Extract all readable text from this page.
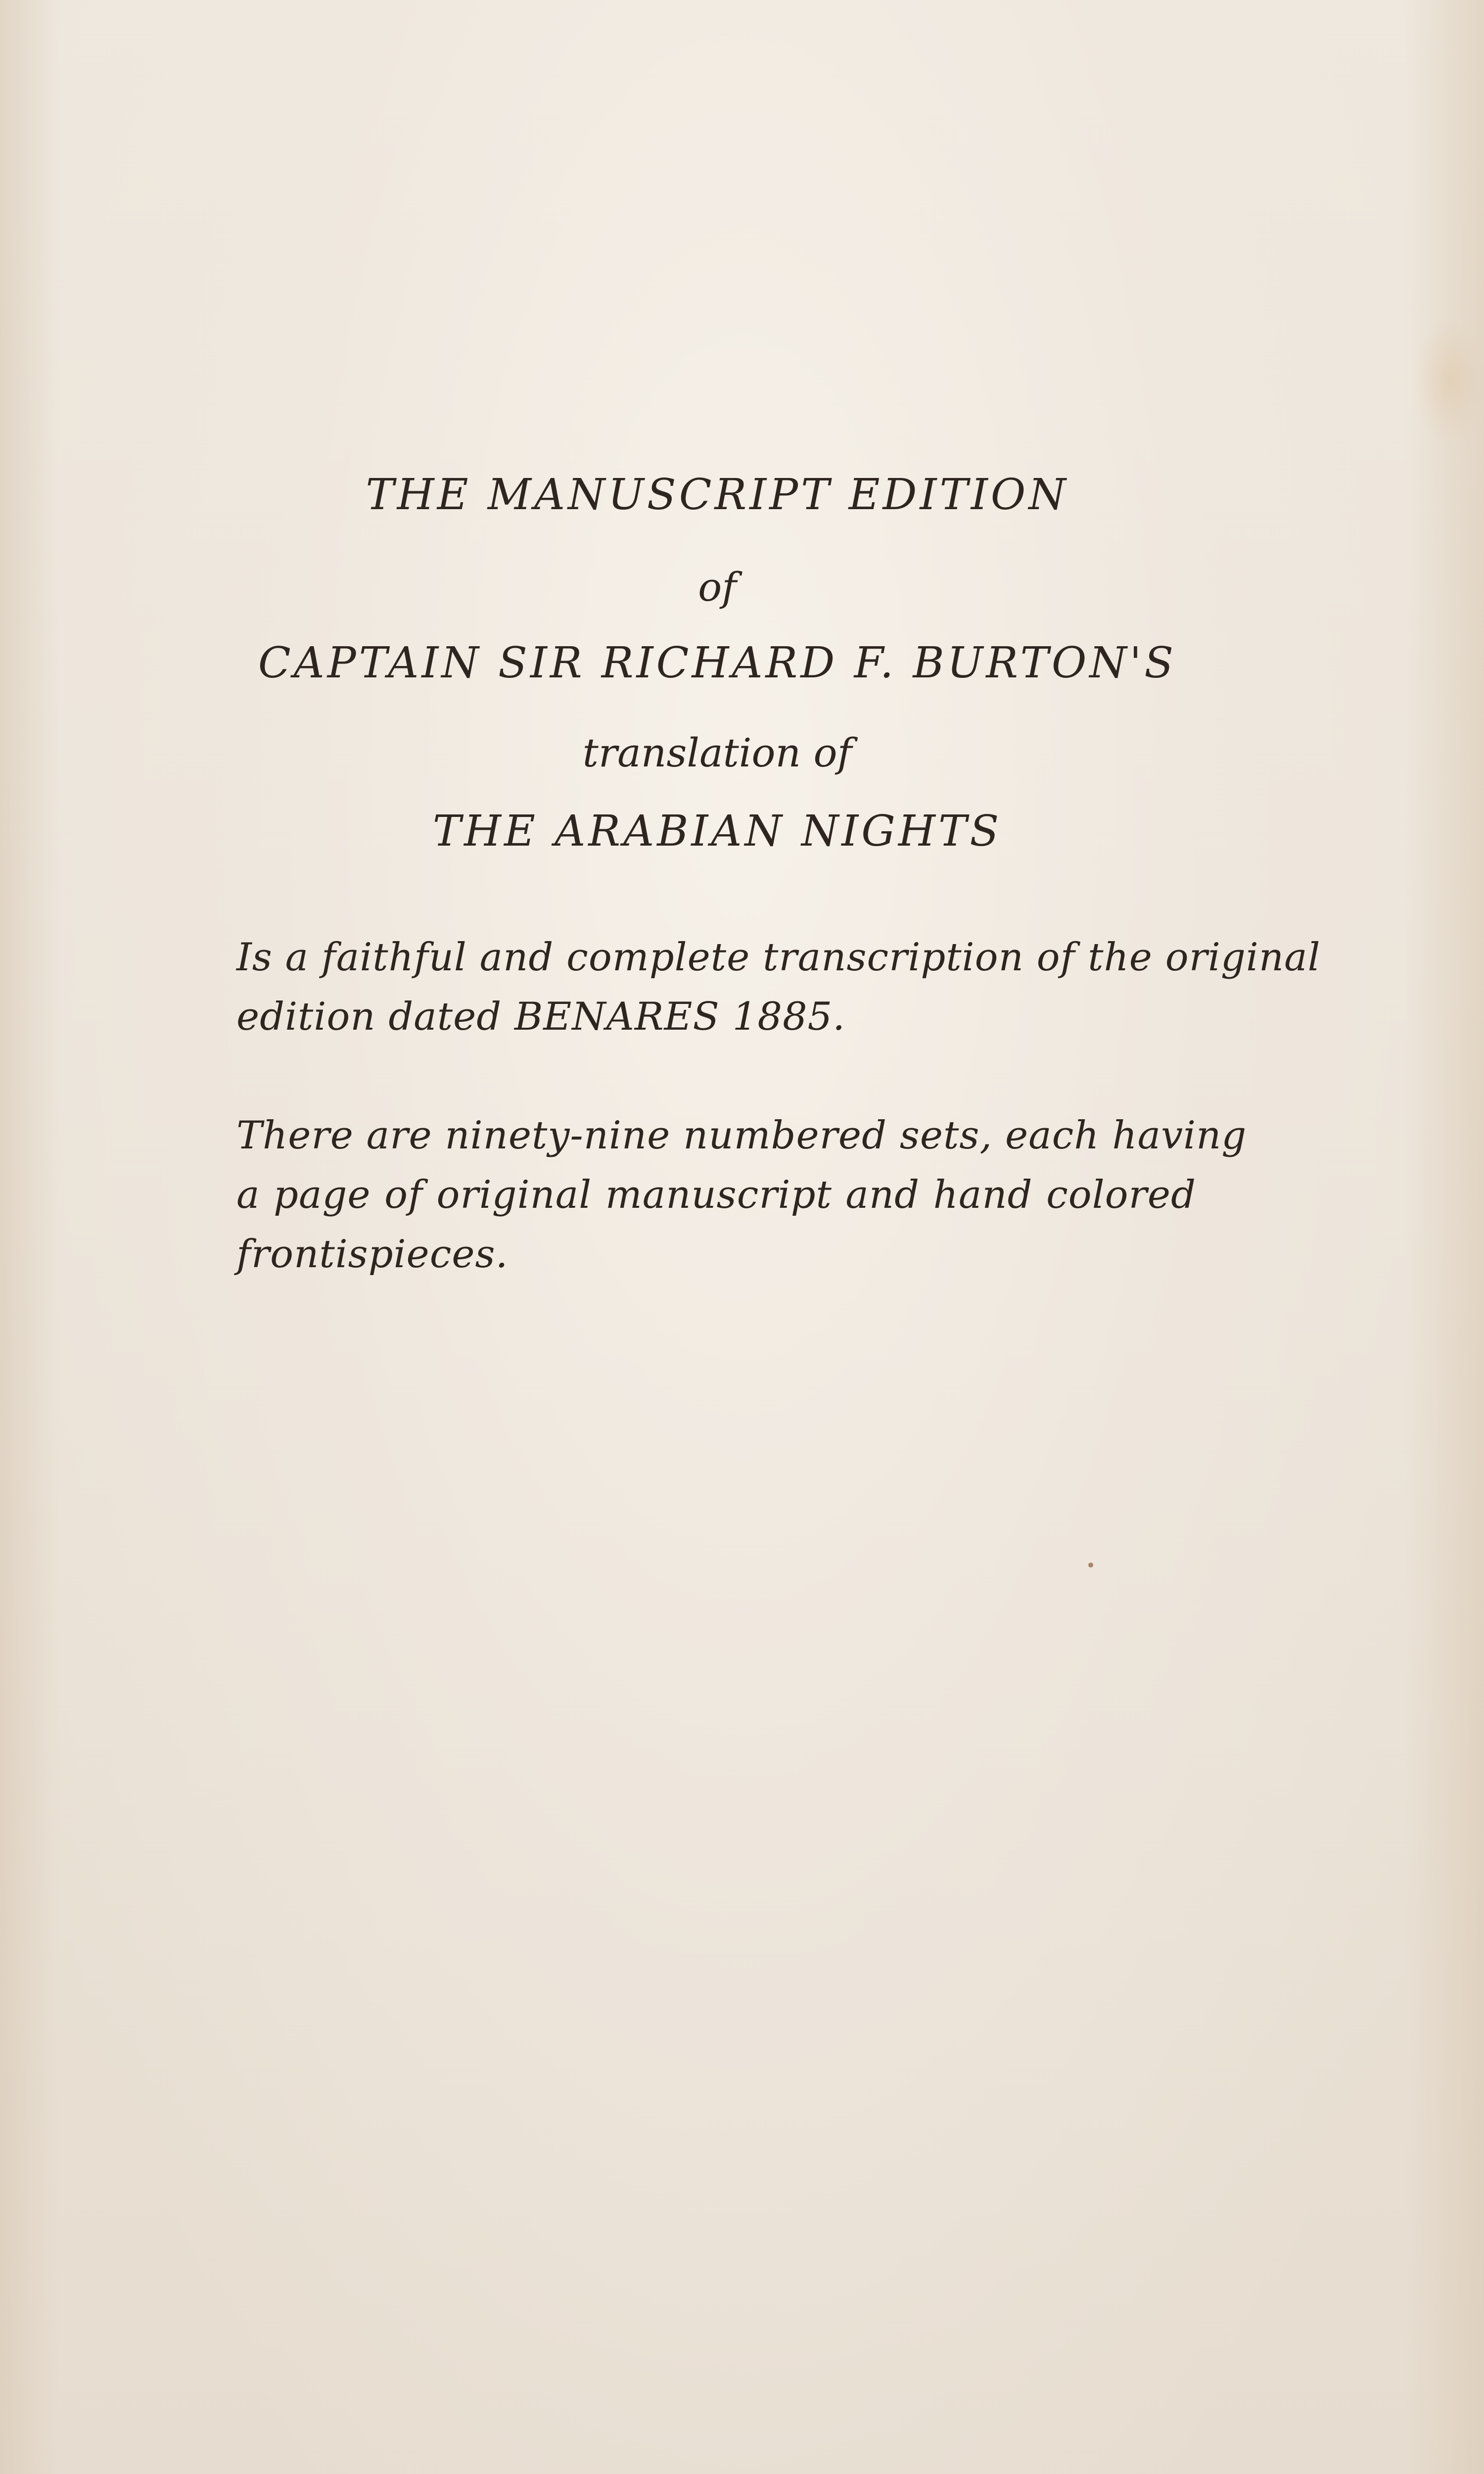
THE MANUSCRIPT EDITION

of

CAPTAIN SIR RICHARD F. BURTON'S

translation of

THE ARABIAN NIGHTS

Is a faithful and complete transcription of the original

edition dated BENARES 1885.

There are ninety-nine numbered sets, each having

a page of original manuscript and hand colored

frontispieces.
